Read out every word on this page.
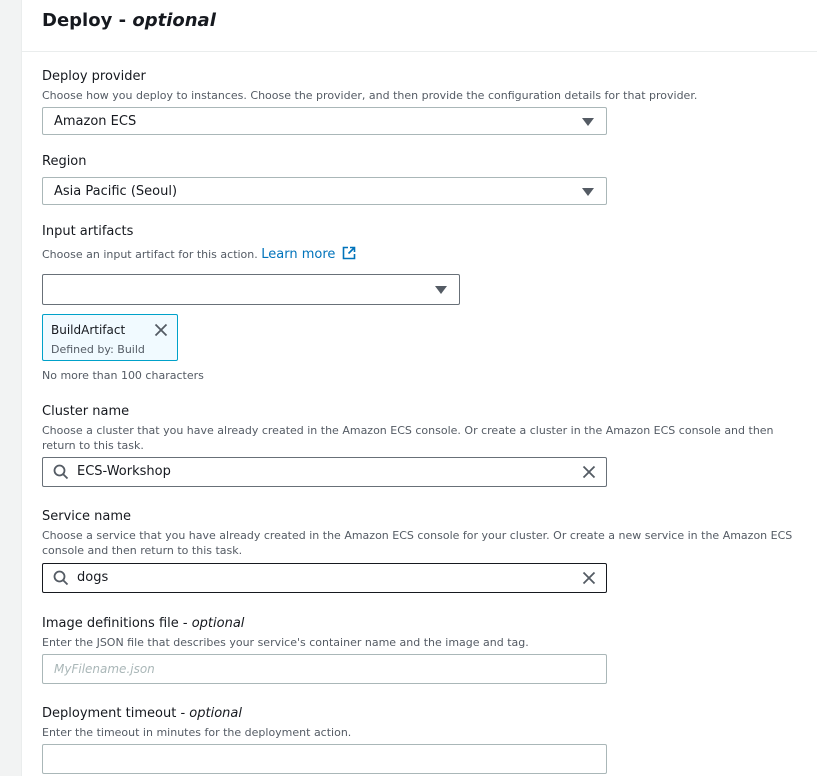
Deploy - optional
Deploy provider
Choose how you deploy to instances. Choose the provider, and then provide the configuration details for that provider.
Amazon ECS
Region
Asia Pacific (Seoul)
Input artifacts
Choose an input artifact for this action. Learn more
BuildArtifact
Defined by: Build
No more than 100 characters
Cluster name
Choose a cluster that you have already created in the Amazon ECS console. Or create a cluster in the Amazon ECS console and then return to this task.
ECS-Workshop
Service name
Choose a service that you have already created in the Amazon ECS console for your cluster. Or create a new service in the Amazon ECS console and then return to this task.
dogs
Image definitions file - optional
Enter the JSON file that describes your service's container name and the image and tag.
MyFilename.json
Deployment timeout - optional
Enter the timeout in minutes for the deployment action.
